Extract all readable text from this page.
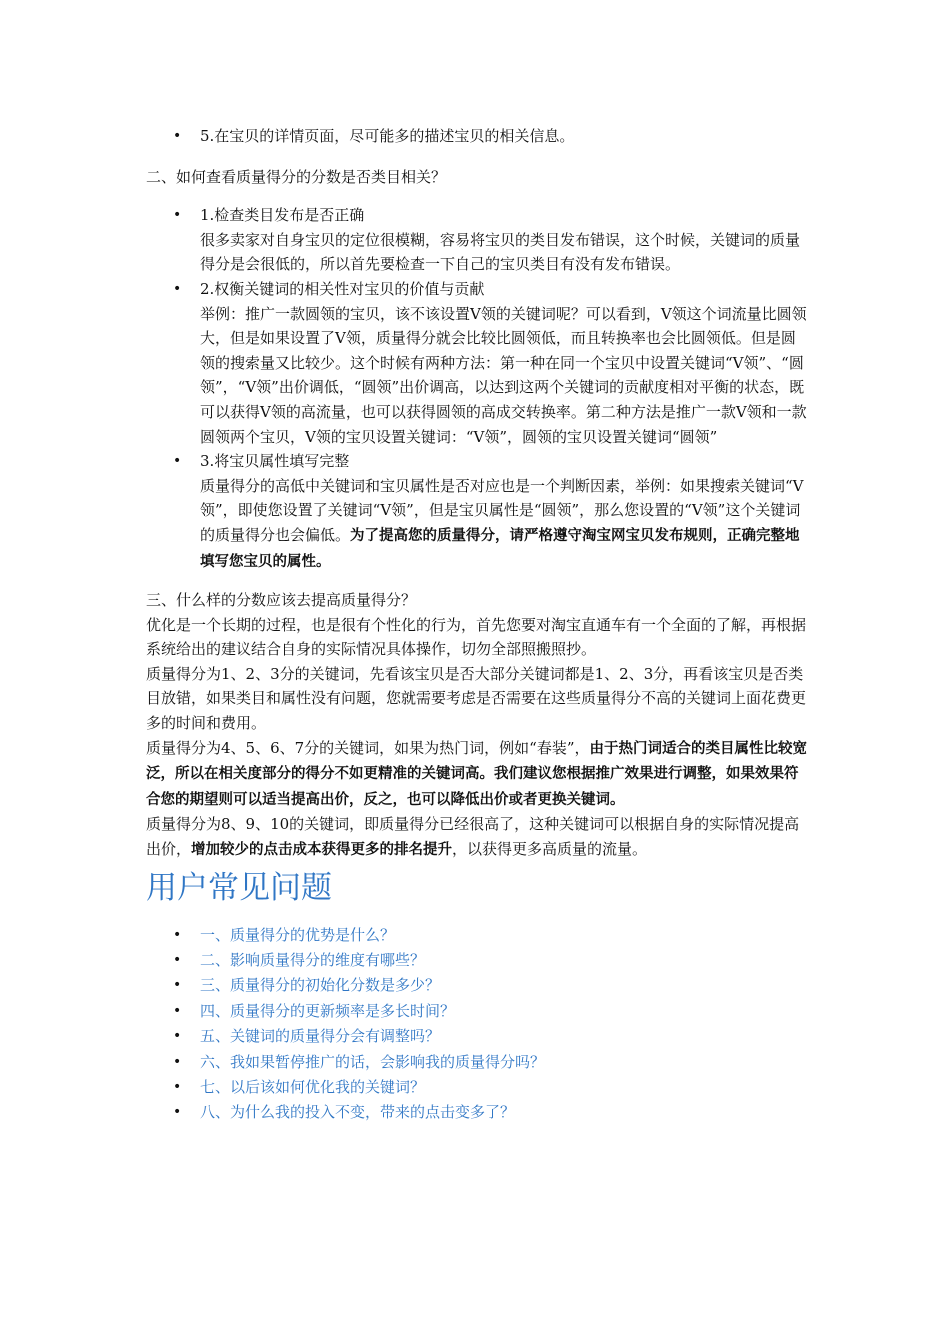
• 5.在宝贝的详情页面，尽可能多的描述宝贝的相关信息。

二、如何查看质量得分的分数是否类目相关？

• 1.检查类目发布是否正确
很多卖家对自身宝贝的定位很模糊，容易将宝贝的类目发布错误，这个时候，关键词的质量得分是会很低的，所以首先要检查一下自己的宝贝类目有没有发布错误。
• 2.权衡关键词的相关性对宝贝的价值与贡献
举例：推广一款圆领的宝贝，该不该设置V领的关键词呢？可以看到，V领这个词流量比圆领大，但是如果设置了V领，质量得分就会比较比圆领低，而且转换率也会比圆领低。但是圆领的搜索量又比较少。这个时候有两种方法：第一种在同一个宝贝中设置关键词“V领”、“圆领”，“V领”出价调低，“圆领”出价调高，以达到这两个关键词的贡献度相对平衡的状态，既可以获得V领的高流量，也可以获得圆领的高成交转换率。第二种方法是推广一款V领和一款圆领两个宝贝，V领的宝贝设置关键词：“V领”，圆领的宝贝设置关键词“圆领”
• 3.将宝贝属性填写完整
质量得分的高低中关键词和宝贝属性是否对应也是一个判断因素，举例：如果搜索关键词“V领”，即使您设置了关键词“V领”，但是宝贝属性是“圆领”，那么您设置的“V领”这个关键词的质量得分也会偏低。为了提高您的质量得分，请严格遵守淘宝网宝贝发布规则，正确完整地填写您宝贝的属性。

三、什么样的分数应该去提高质量得分？

优化是一个长期的过程，也是很有个性化的行为，首先您要对淘宝直通车有一个全面的了解，再根据系统给出的建议结合自身的实际情况具体操作，切勿全部照搬照抄。

质量得分为1、2、3分的关键词，先看该宝贝是否大部分关键词都是1、2、3分，再看该宝贝是否类目放错，如果类目和属性没有问题，您就需要考虑是否需要在这些质量得分不高的关键词上面花费更多的时间和费用。

质量得分为4、5、6、7分的关键词，如果为热门词，例如“春装”，由于热门词适合的类目属性比较宽泛，所以在相关度部分的得分不如更精准的关键词高。我们建议您根据推广效果进行调整，如果效果符合您的期望则可以适当提高出价，反之，也可以降低出价或者更换关键词。

质量得分为8、9、10的关键词，即质量得分已经很高了，这种关键词可以根据自身的实际情况提高出价，增加较少的点击成本获得更多的排名提升，以获得更多高质量的流量。

用户常见问题
• 一、质量得分的优势是什么？
• 二、影响质量得分的维度有哪些？
• 三、质量得分的初始化分数是多少？
• 四、质量得分的更新频率是多长时间？
• 五、关键词的质量得分会有调整吗？
• 六、我如果暂停推广的话，会影响我的质量得分吗？
• 七、以后该如何优化我的关键词？
• 八、为什么我的投入不变，带来的点击变多了？
